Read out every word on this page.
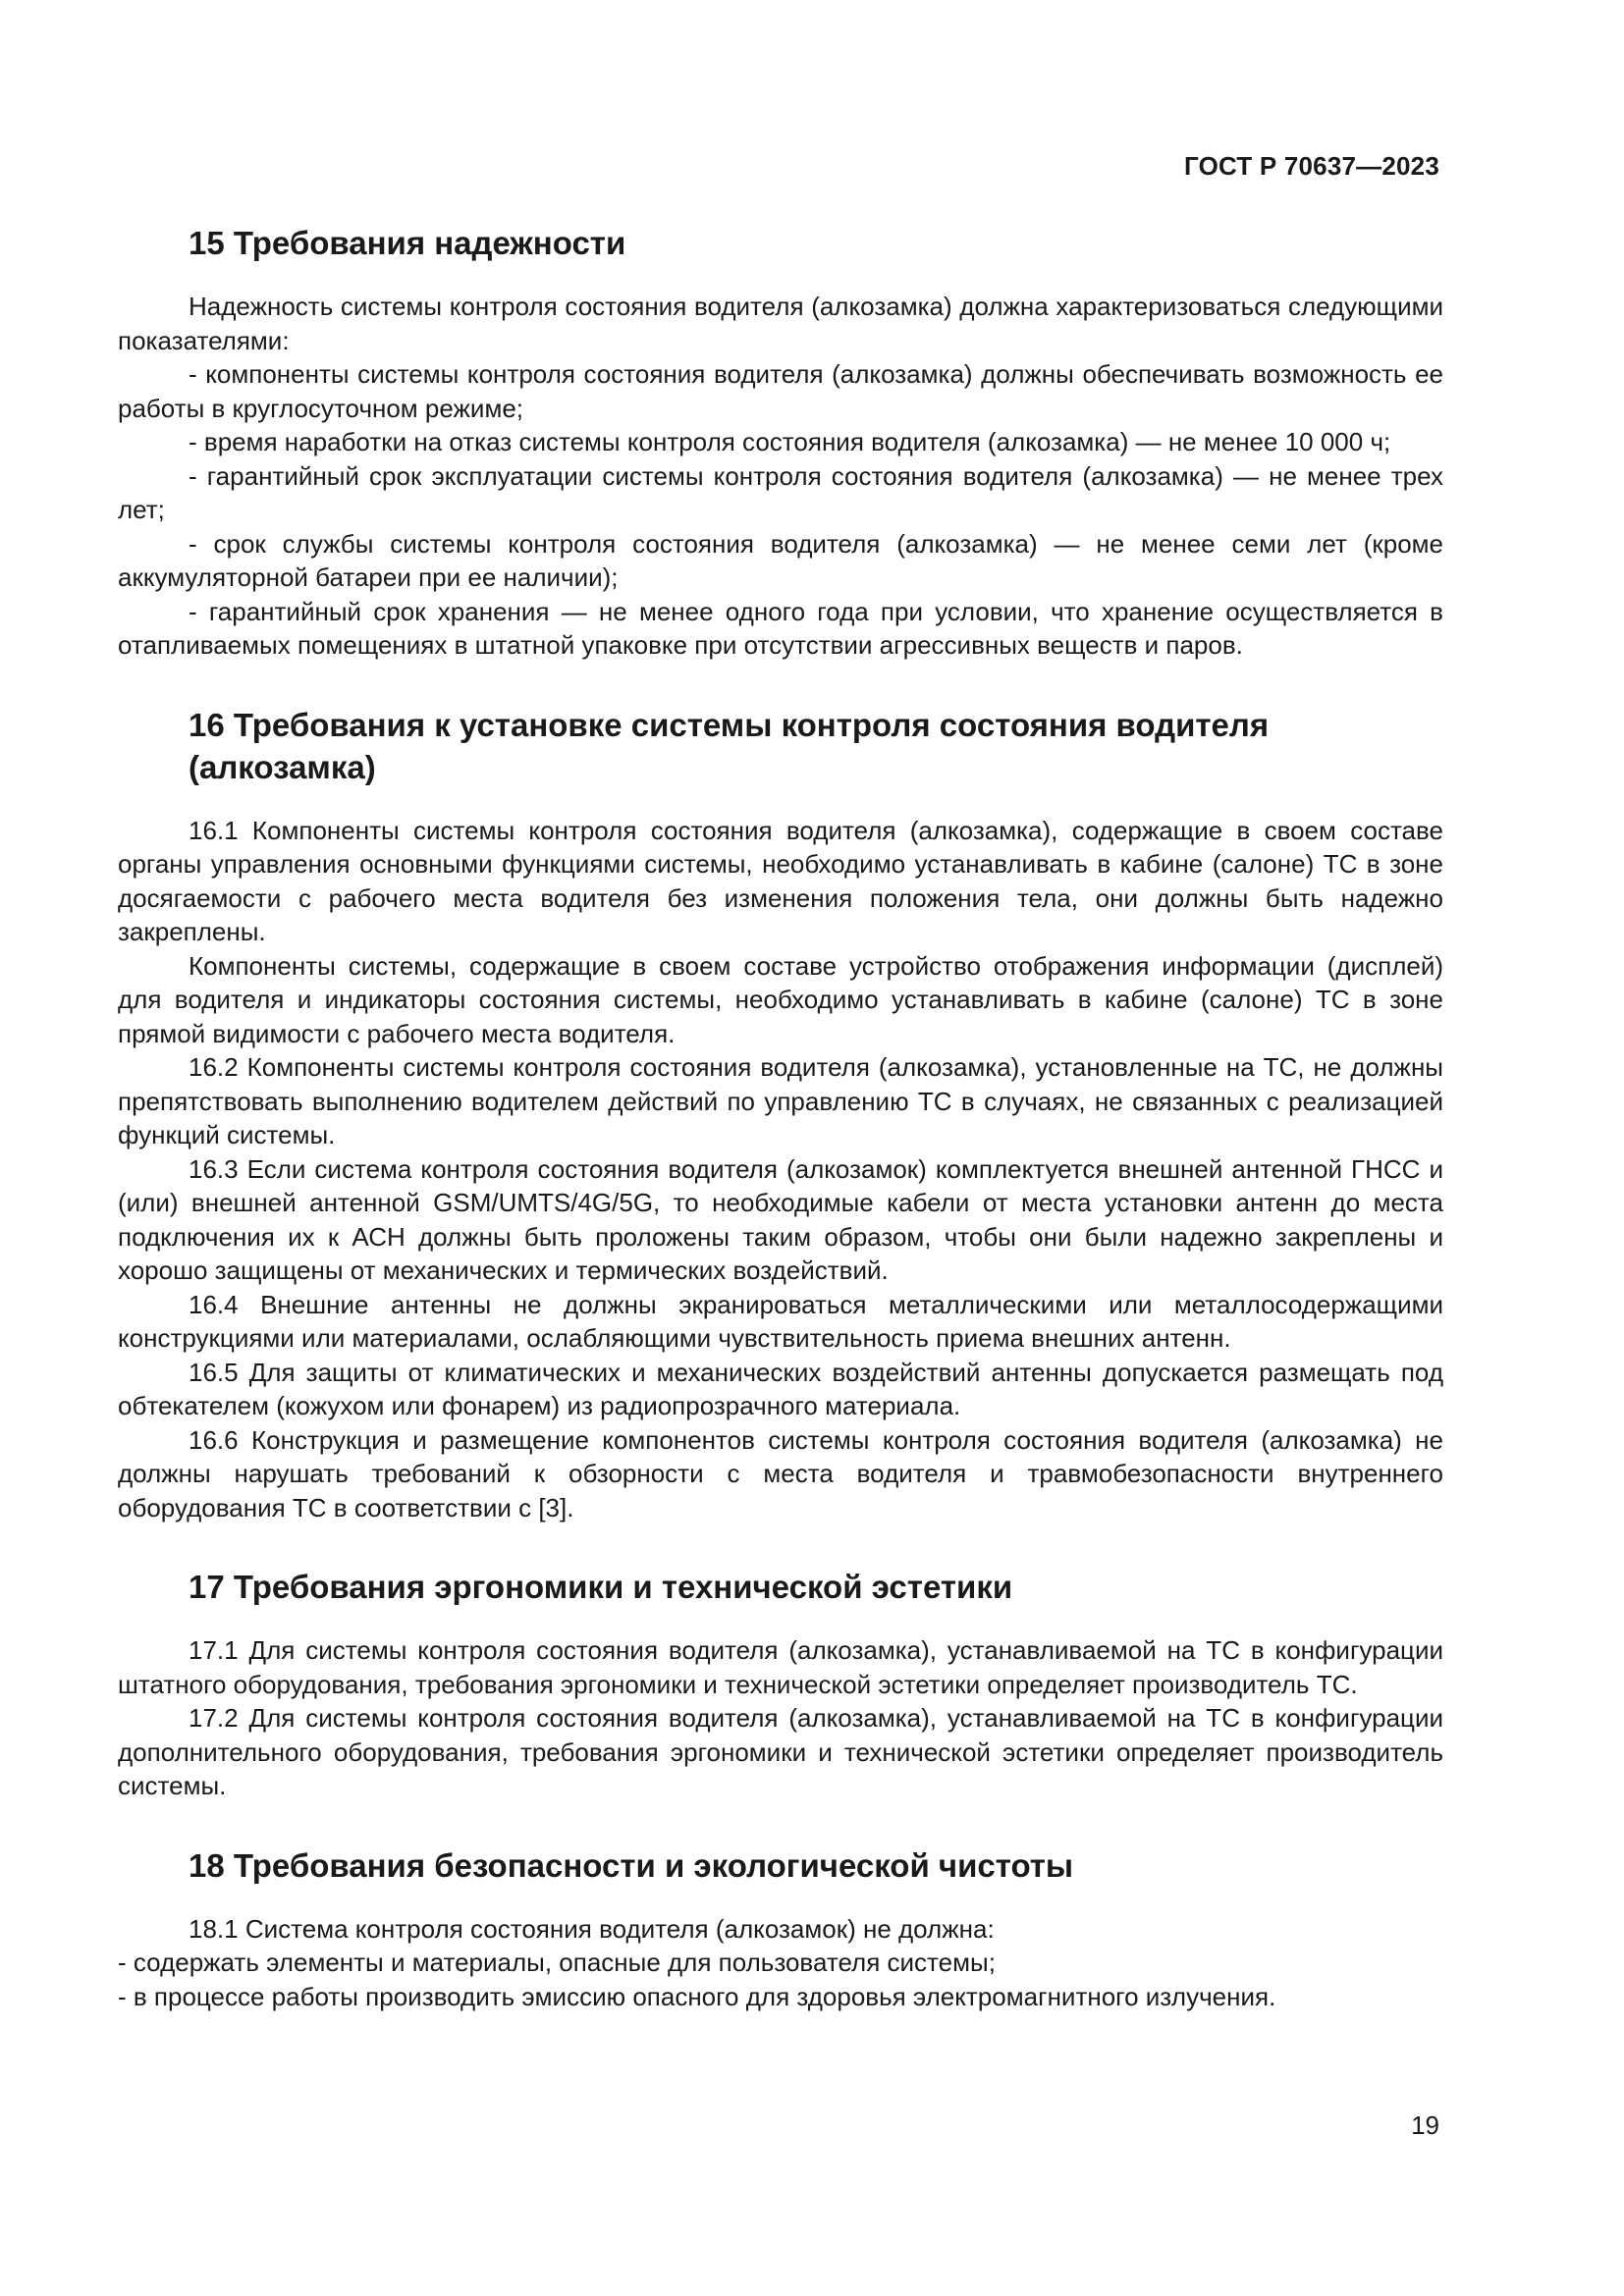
ГОСТ Р 70637—2023
15 Требования надежности

Надежность системы контроля состояния водителя (алкозамка) должна характеризоваться следующими показателями:

- компоненты системы контроля состояния водителя (алкозамка) должны обеспечивать возможность ее работы в круглосуточном режиме;

- время наработки на отказ системы контроля состояния водителя (алкозамка) — не менее 10 000 ч;

- гарантийный срок эксплуатации системы контроля состояния водителя (алкозамка) — не менее трех лет;

- срок службы системы контроля состояния водителя (алкозамка) — не менее семи лет (кроме аккумуляторной батареи при ее наличии);

- гарантийный срок хранения — не менее одного года при условии, что хранение осуществляется в отапливаемых помещениях в штатной упаковке при отсутствии агрессивных веществ и паров.

16 Требования к установке системы контроля состояния водителя (алкозамка)

16.1 Компоненты системы контроля состояния водителя (алкозамка), содержащие в своем составе органы управления основными функциями системы, необходимо устанавливать в кабине (салоне) ТС в зоне досягаемости с рабочего места водителя без изменения положения тела, они должны быть надежно закреплены.

Компоненты системы, содержащие в своем составе устройство отображения информации (дисплей) для водителя и индикаторы состояния системы, необходимо устанавливать в кабине (салоне) ТС в зоне прямой видимости с рабочего места водителя.

16.2 Компоненты системы контроля состояния водителя (алкозамка), установленные на ТС, не должны препятствовать выполнению водителем действий по управлению ТС в случаях, не связанных с реализацией функций системы.

16.3 Если система контроля состояния водителя (алкозамок) комплектуется внешней антенной ГНСС и (или) внешней антенной GSM/UMTS/4G/5G, то необходимые кабели от места установки антенн до места подключения их к АСН должны быть проложены таким образом, чтобы они были надежно закреплены и хорошо защищены от механических и термических воздействий.

16.4 Внешние антенны не должны экранироваться металлическими или металлосодержащими конструкциями или материалами, ослабляющими чувствительность приема внешних антенн.

16.5 Для защиты от климатических и механических воздействий антенны допускается размещать под обтекателем (кожухом или фонарем) из радиопрозрачного материала.

16.6 Конструкция и размещение компонентов системы контроля состояния водителя (алкозамка) не должны нарушать требований к обзорности с места водителя и травмобезопасности внутреннего оборудования ТС в соответствии с [3].

17 Требования эргономики и технической эстетики

17.1 Для системы контроля состояния водителя (алкозамка), устанавливаемой на ТС в конфигурации штатного оборудования, требования эргономики и технической эстетики определяет производитель ТС.

17.2 Для системы контроля состояния водителя (алкозамка), устанавливаемой на ТС в конфигурации дополнительного оборудования, требования эргономики и технической эстетики определяет производитель системы.

18 Требования безопасности и экологической чистоты

18.1 Система контроля состояния водителя (алкозамок) не должна:

- содержать элементы и материалы, опасные для пользователя системы;

- в процессе работы производить эмиссию опасного для здоровья электромагнитного излучения.

19
